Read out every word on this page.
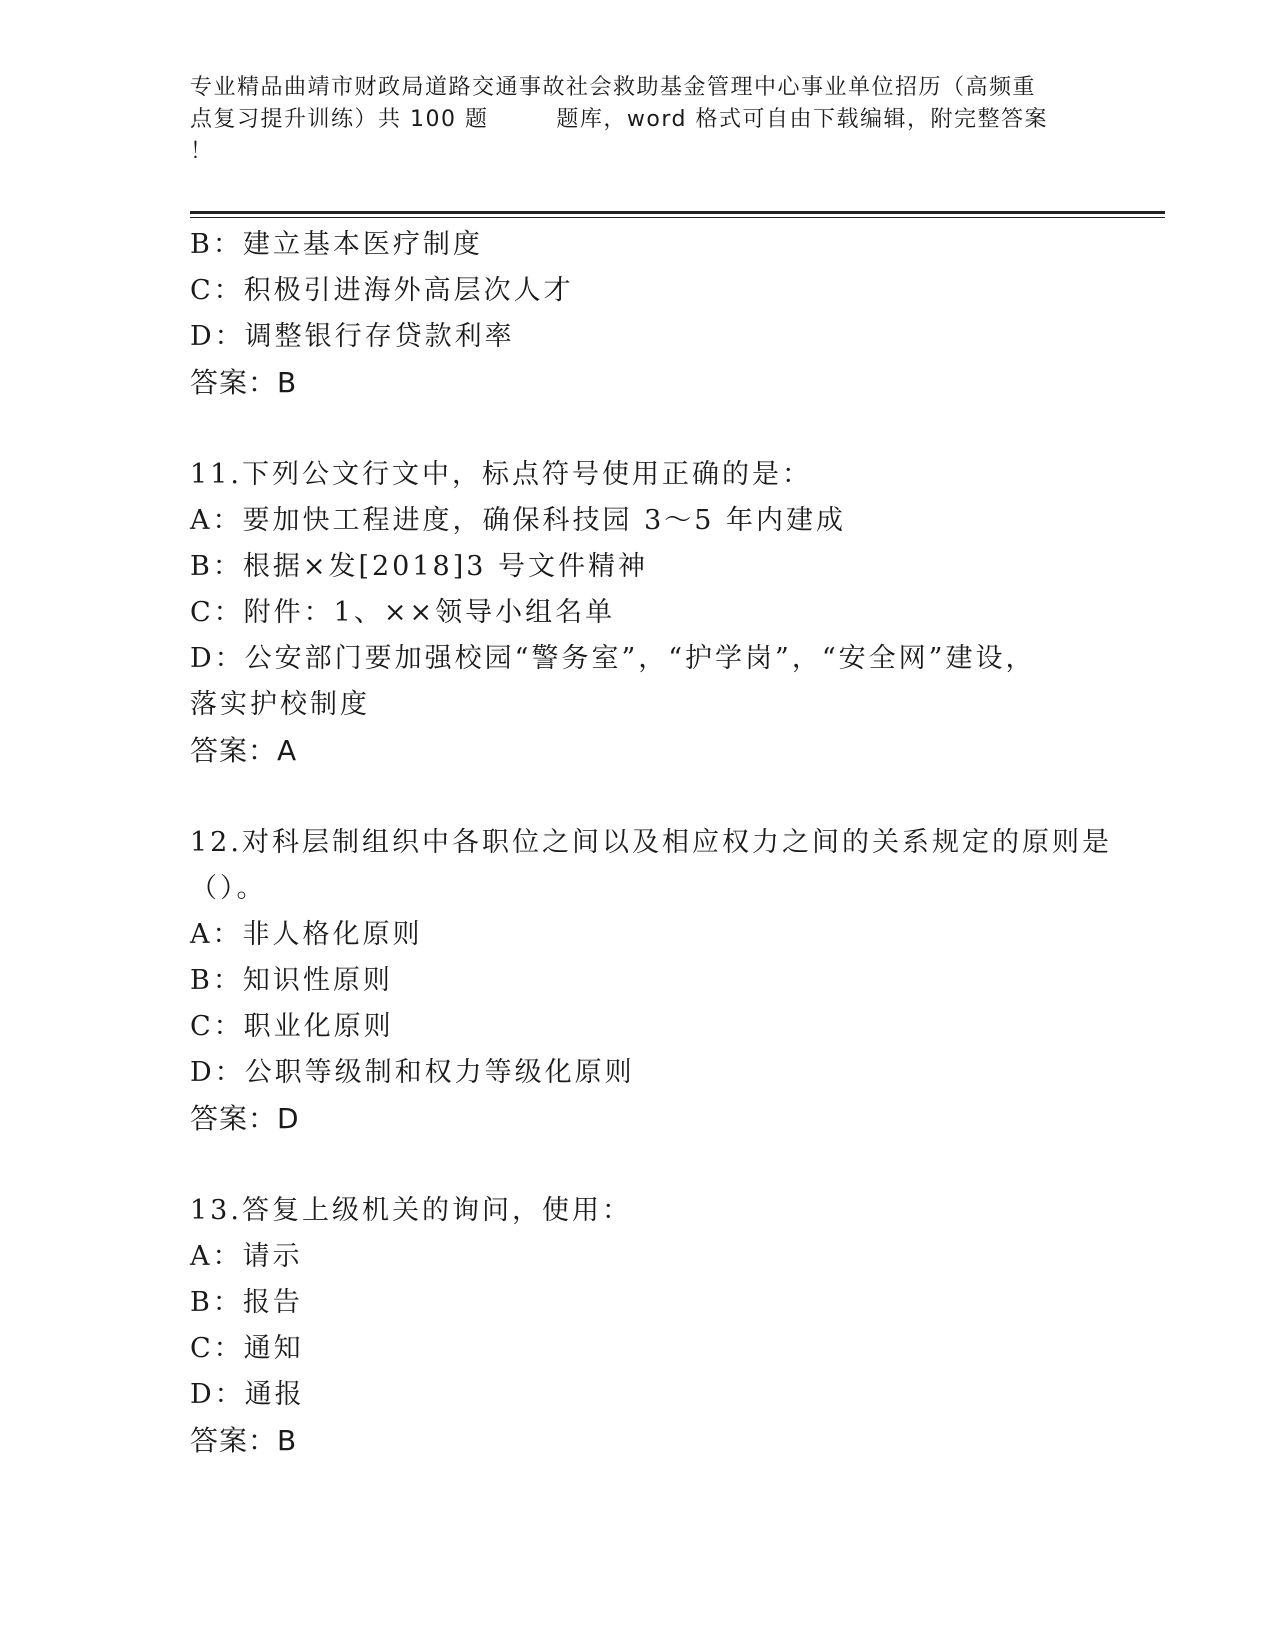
专业精品曲靖市财政局道路交通事故社会救助基金管理中心事业单位招历（高频重
点复习提升训练）共 100 题        题库，word 格式可自由下载编辑，附完整答案
！
B：建立基本医疗制度
C：积极引进海外高层次人才
D：调整银行存贷款利率
答案：B
11.下列公文行文中，标点符号使用正确的是：
A：要加快工程进度，确保科技园 3～5 年内建成
B：根据×发[2018]3 号文件精神
C：附件：1、××领导小组名单
D：公安部门要加强校园“警务室”，“护学岗”，“安全网”建设，
落实护校制度
答案：A
12.对科层制组织中各职位之间以及相应权力之间的关系规定的原则是
（）。
A：非人格化原则
B：知识性原则
C：职业化原则
D：公职等级制和权力等级化原则
答案：D
13.答复上级机关的询问，使用：
A：请示
B：报告
C：通知
D：通报
答案：B
